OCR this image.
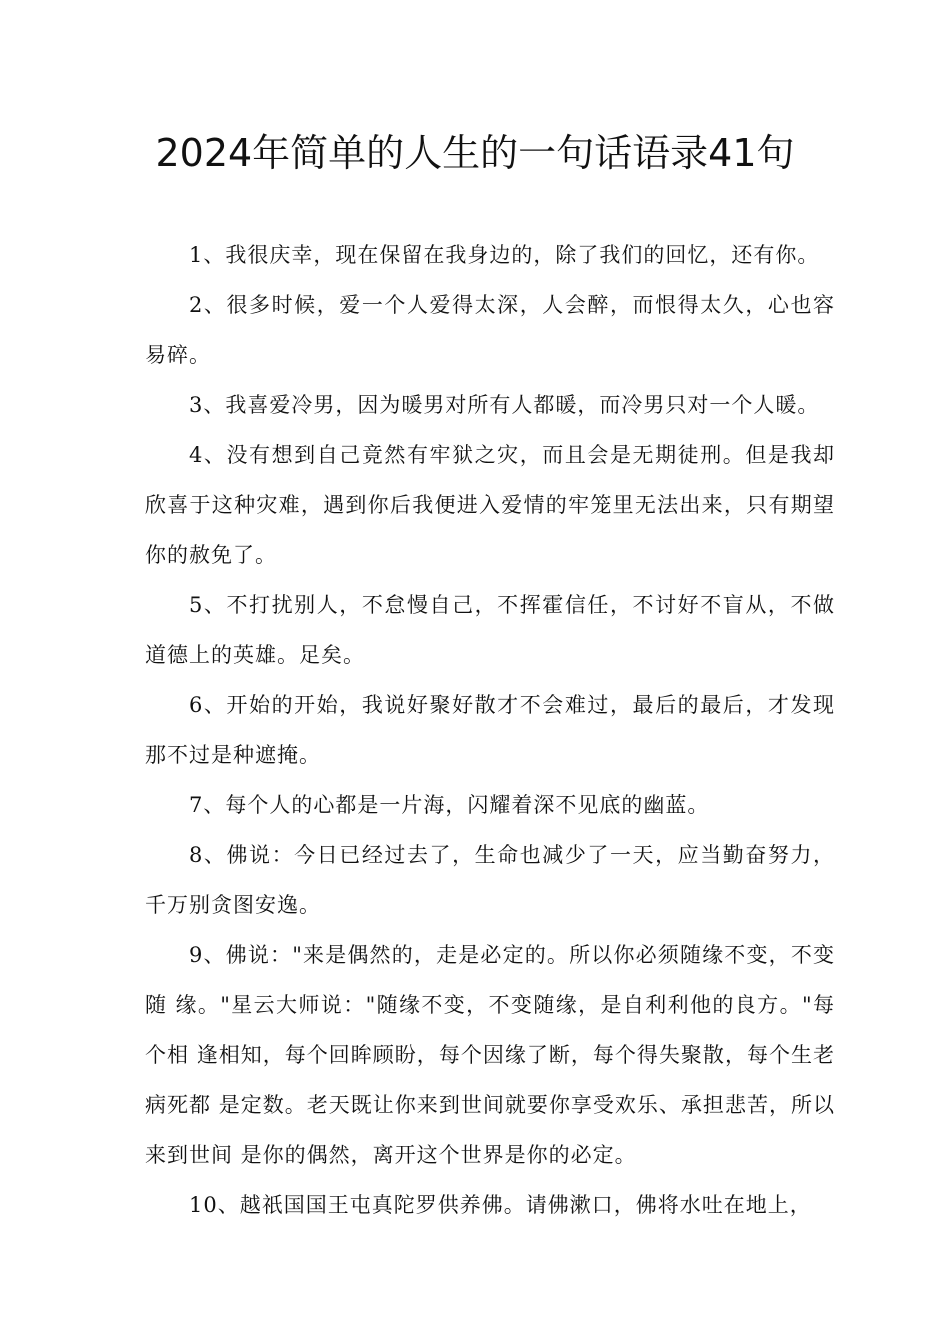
2024年简单的人生的一句话语录41句

1、我很庆幸，现在保留在我身边的，除了我们的回忆，还有你。

2、很多时候，爱一个人爱得太深，人会醉，而恨得太久，心也容易碎。

3、我喜爱冷男，因为暖男对所有人都暖，而冷男只对一个人暖。

4、没有想到自己竟然有牢狱之灾，而且会是无期徒刑。但是我却欣喜于这种灾难，遇到你后我便进入爱情的牢笼里无法出来，只有期望你的赦免了。

5、不打扰别人，不怠慢自己，不挥霍信任，不讨好不盲从，不做道德上的英雄。足矣。

6、开始的开始，我说好聚好散才不会难过，最后的最后，才发现那不过是种遮掩。

7、每个人的心都是一片海，闪耀着深不见底的幽蓝。

8、佛说：今日已经过去了，生命也减少了一天，应当勤奋努力，千万别贪图安逸。

9、佛说："来是偶然的，走是必定的。所以你必须随缘不变，不变随 缘。"星云大师说："随缘不变，不变随缘，是自利利他的良方。"每个相 逢相知，每个回眸顾盼，每个因缘了断，每个得失聚散，每个生老病死都 是定数。老天既让你来到世间就要你享受欢乐、承担悲苦，所以来到世间 是你的偶然，离开这个世界是你的必定。

10、越祇国国王屯真陀罗供养佛。请佛漱口，佛将水吐在地上，
